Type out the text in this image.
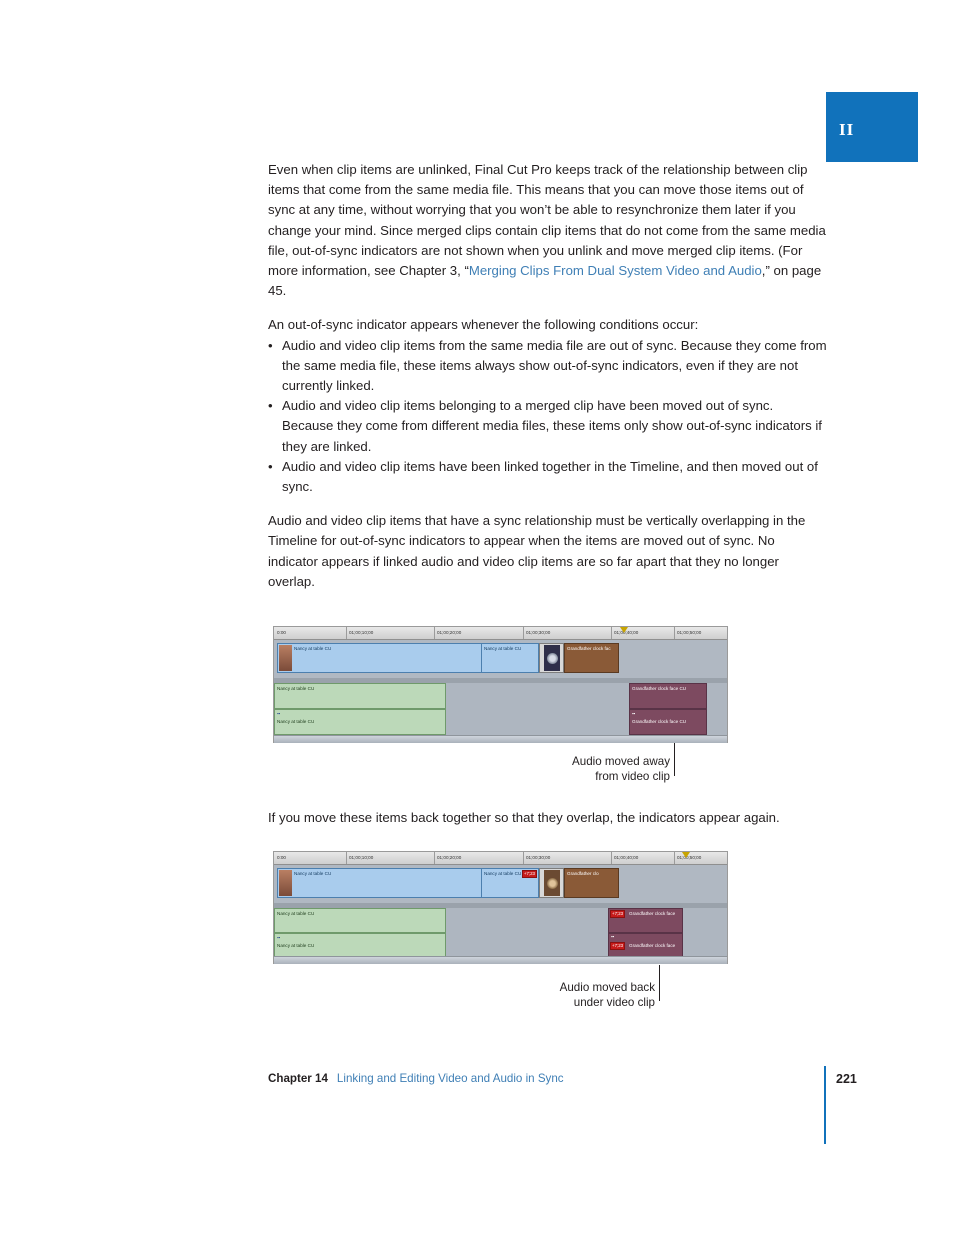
II

Even when clip items are unlinked, Final Cut Pro keeps track of the relationship between clip items that come from the same media file. This means that you can move those items out of sync at any time, without worrying that you won’t be able to resynchronize them later if you change your mind. Since merged clips contain clip items that do not come from the same media file, out-of-sync indicators are not shown when you unlink and move merged clip items. (For more information, see Chapter 3, “Merging Clips From Dual System Video and Audio,” on page 45.

An out-of-sync indicator appears whenever the following conditions occur:

• Audio and video clip items from the same media file are out of sync. Because they come from the same media file, these items always show out-of-sync indicators, even if they are not currently linked.
• Audio and video clip items belonging to a merged clip have been moved out of sync. Because they come from different media files, these items only show out-of-sync indicators if they are linked.
• Audio and video clip items have been linked together in the Timeline, and then moved out of sync.

Audio and video clip items that have a sync relationship must be vertically overlapping in the Timeline for out-of-sync indicators to appear when the items are moved out of sync. No indicator appears if linked audio and video clip items are so far apart that they no longer overlap.

0:00	01;00;10;00	01;00;20;00	01;00;30;00	01;00;40;00	01;00;50;00
Nancy at table CU	Nancy at table CU	Grandfather clock fac
Nancy at table CU
▪▪
Nancy at table CU
Grandfather clock face CU
▪▪
Grandfather clock face CU
Audio moved away
from video clip

If you move these items back together so that they overlap, the indicators appear again.

0:00	01;00;10;00	01;00;20;00	01;00;30;00	01;00;40;00	01;00;50;00
Nancy at table CU	Nancy at table CU +7;23	Grandfather clo
Nancy at table CU
▪▪
Nancy at table CU
+7;23	Grandfather clock face
+7;23
▪▪
Grandfather clock face
Audio moved back
under video clip
Chapter 14 Linking and Editing Video and Audio in Sync	221
